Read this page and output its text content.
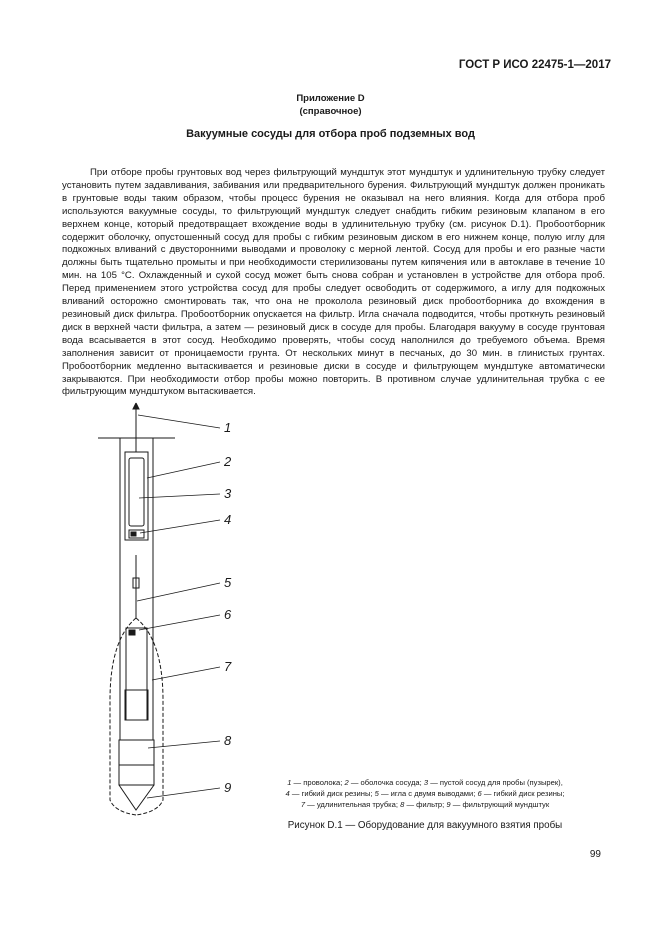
ГОСТ Р ИСО 22475-1—2017
Приложение D
(справочное)
Вакуумные сосуды для отбора проб подземных вод

При отборе пробы грунтовых вод через фильтрующий мундштук этот мундштук и удлинительную трубку следует установить путем задавливания, забивания или предварительного бурения. Фильтрующий мундштук должен проникать в грунтовые воды таким образом, чтобы процесс бурения не оказывал на него влияния. Когда для отбора проб используются вакуумные сосуды, то фильтрующий мундштук следует снабдить гибким резиновым клапаном в его верхнем конце, который предотвращает вхождение воды в удлинительную трубку (см. рисунок D.1). Пробоотборник содержит оболочку, опустошенный сосуд для пробы с гибким резиновым диском в его нижнем конце, полую иглу для подкожных вливаний с двусторонними выводами и проволоку с мерной лентой. Сосуд для пробы и его разные части должны быть тщательно промыты и при необходимости стерилизованы путем кипячения или в автоклаве в течение 10 мин. на 105 °С. Охлажденный и сухой сосуд может быть снова собран и установлен в устройстве для отбора проб. Перед применением этого устройства сосуд для пробы следует освободить от содержимого, а иглу для подкожных вливаний осторожно смонтировать так, что она не проколола резиновый диск пробоотборника до вхождения в резиновый диск фильтра. Пробоотборник опускается на фильтр. Игла сначала подводится, чтобы проткнуть резиновый диск в верхней части фильтра, а затем — резиновый диск в сосуде для пробы. Благодаря вакууму в сосуде грунтовая вода всасывается в этот сосуд. Необходимо проверять, чтобы сосуд наполнился до требуемого объема. Время заполнения зависит от проницаемости грунта. От нескольких минут в песчаных, до 30 мин. в глинистых грунтах. Пробоотборник медленно вытаскивается и резиновые диски в сосуде и фильтрующем мундштуке автоматически закрываются. При необходимости отбор пробы можно повторить. В противном случае удлинительная трубка с ее фильтрующим мундштуком вытаскивается.

1
2
3
4
5
6
7
8
9	1 — проволока; 2 — оболочка сосуда; 3 — пустой сосуд для пробы (пузырек),
4 — гибкий диск резины; 5 — игла с двумя выводами; 6 — гибкий диск резины;
7 — удлинительная трубка; 8 — фильтр; 9 — фильтрующий мундштук
Рисунок D.1 — Оборудование для вакуумного взятия пробы
99
